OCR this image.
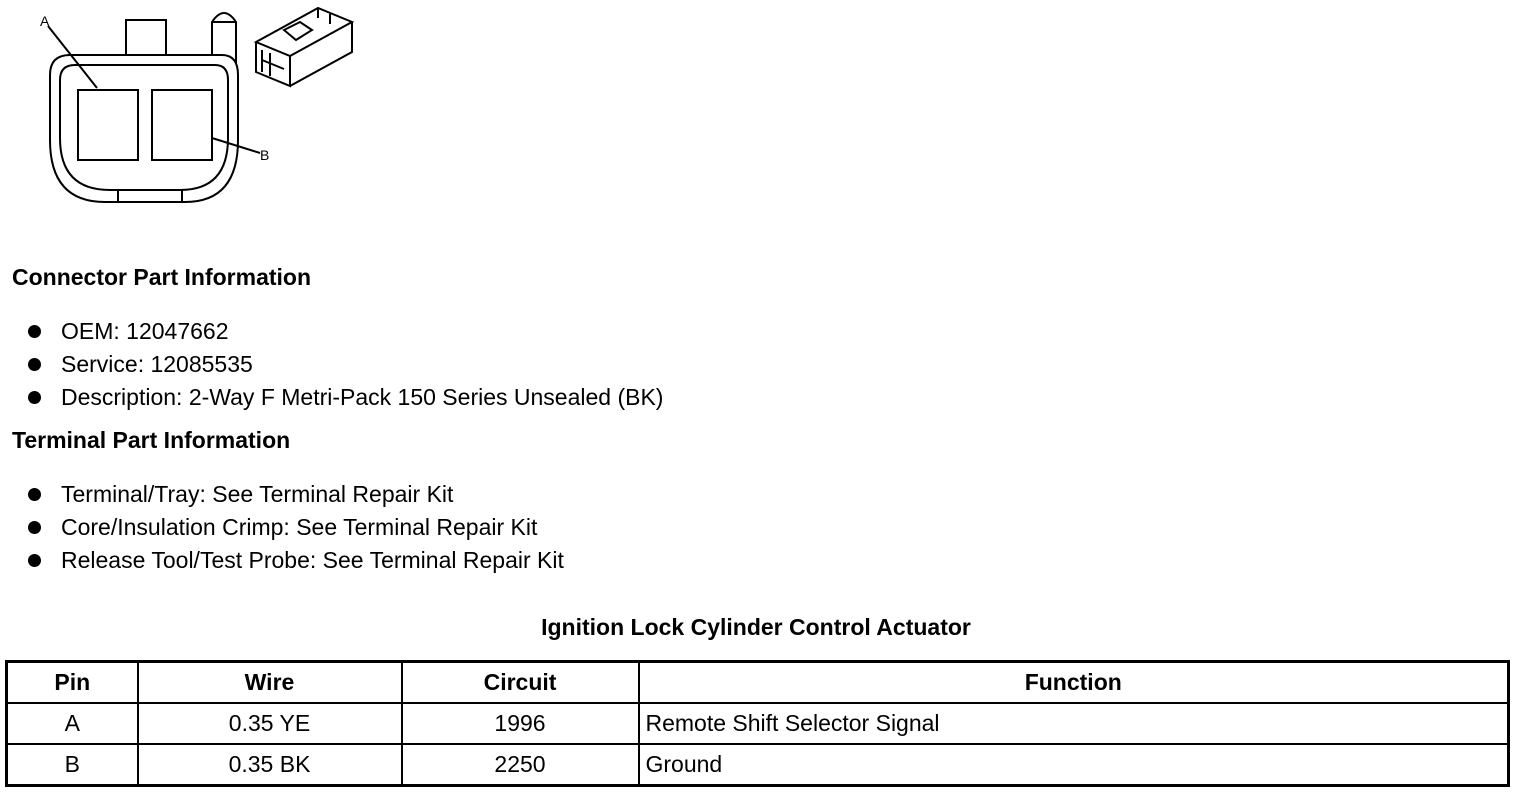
A
B
Connector Part Information
OEM: 12047662
Service: 12085535
Description: 2-Way F Metri-Pack 150 Series Unsealed (BK)
Terminal Part Information
Terminal/Tray: See Terminal Repair Kit
Core/Insulation Crimp: See Terminal Repair Kit
Release Tool/Test Probe: See Terminal Repair Kit
Ignition Lock Cylinder Control Actuator
Pin	Wire	Circuit	Function
A	0.35 YE	1996	Remote Shift Selector Signal
B	0.35 BK	2250	Ground
